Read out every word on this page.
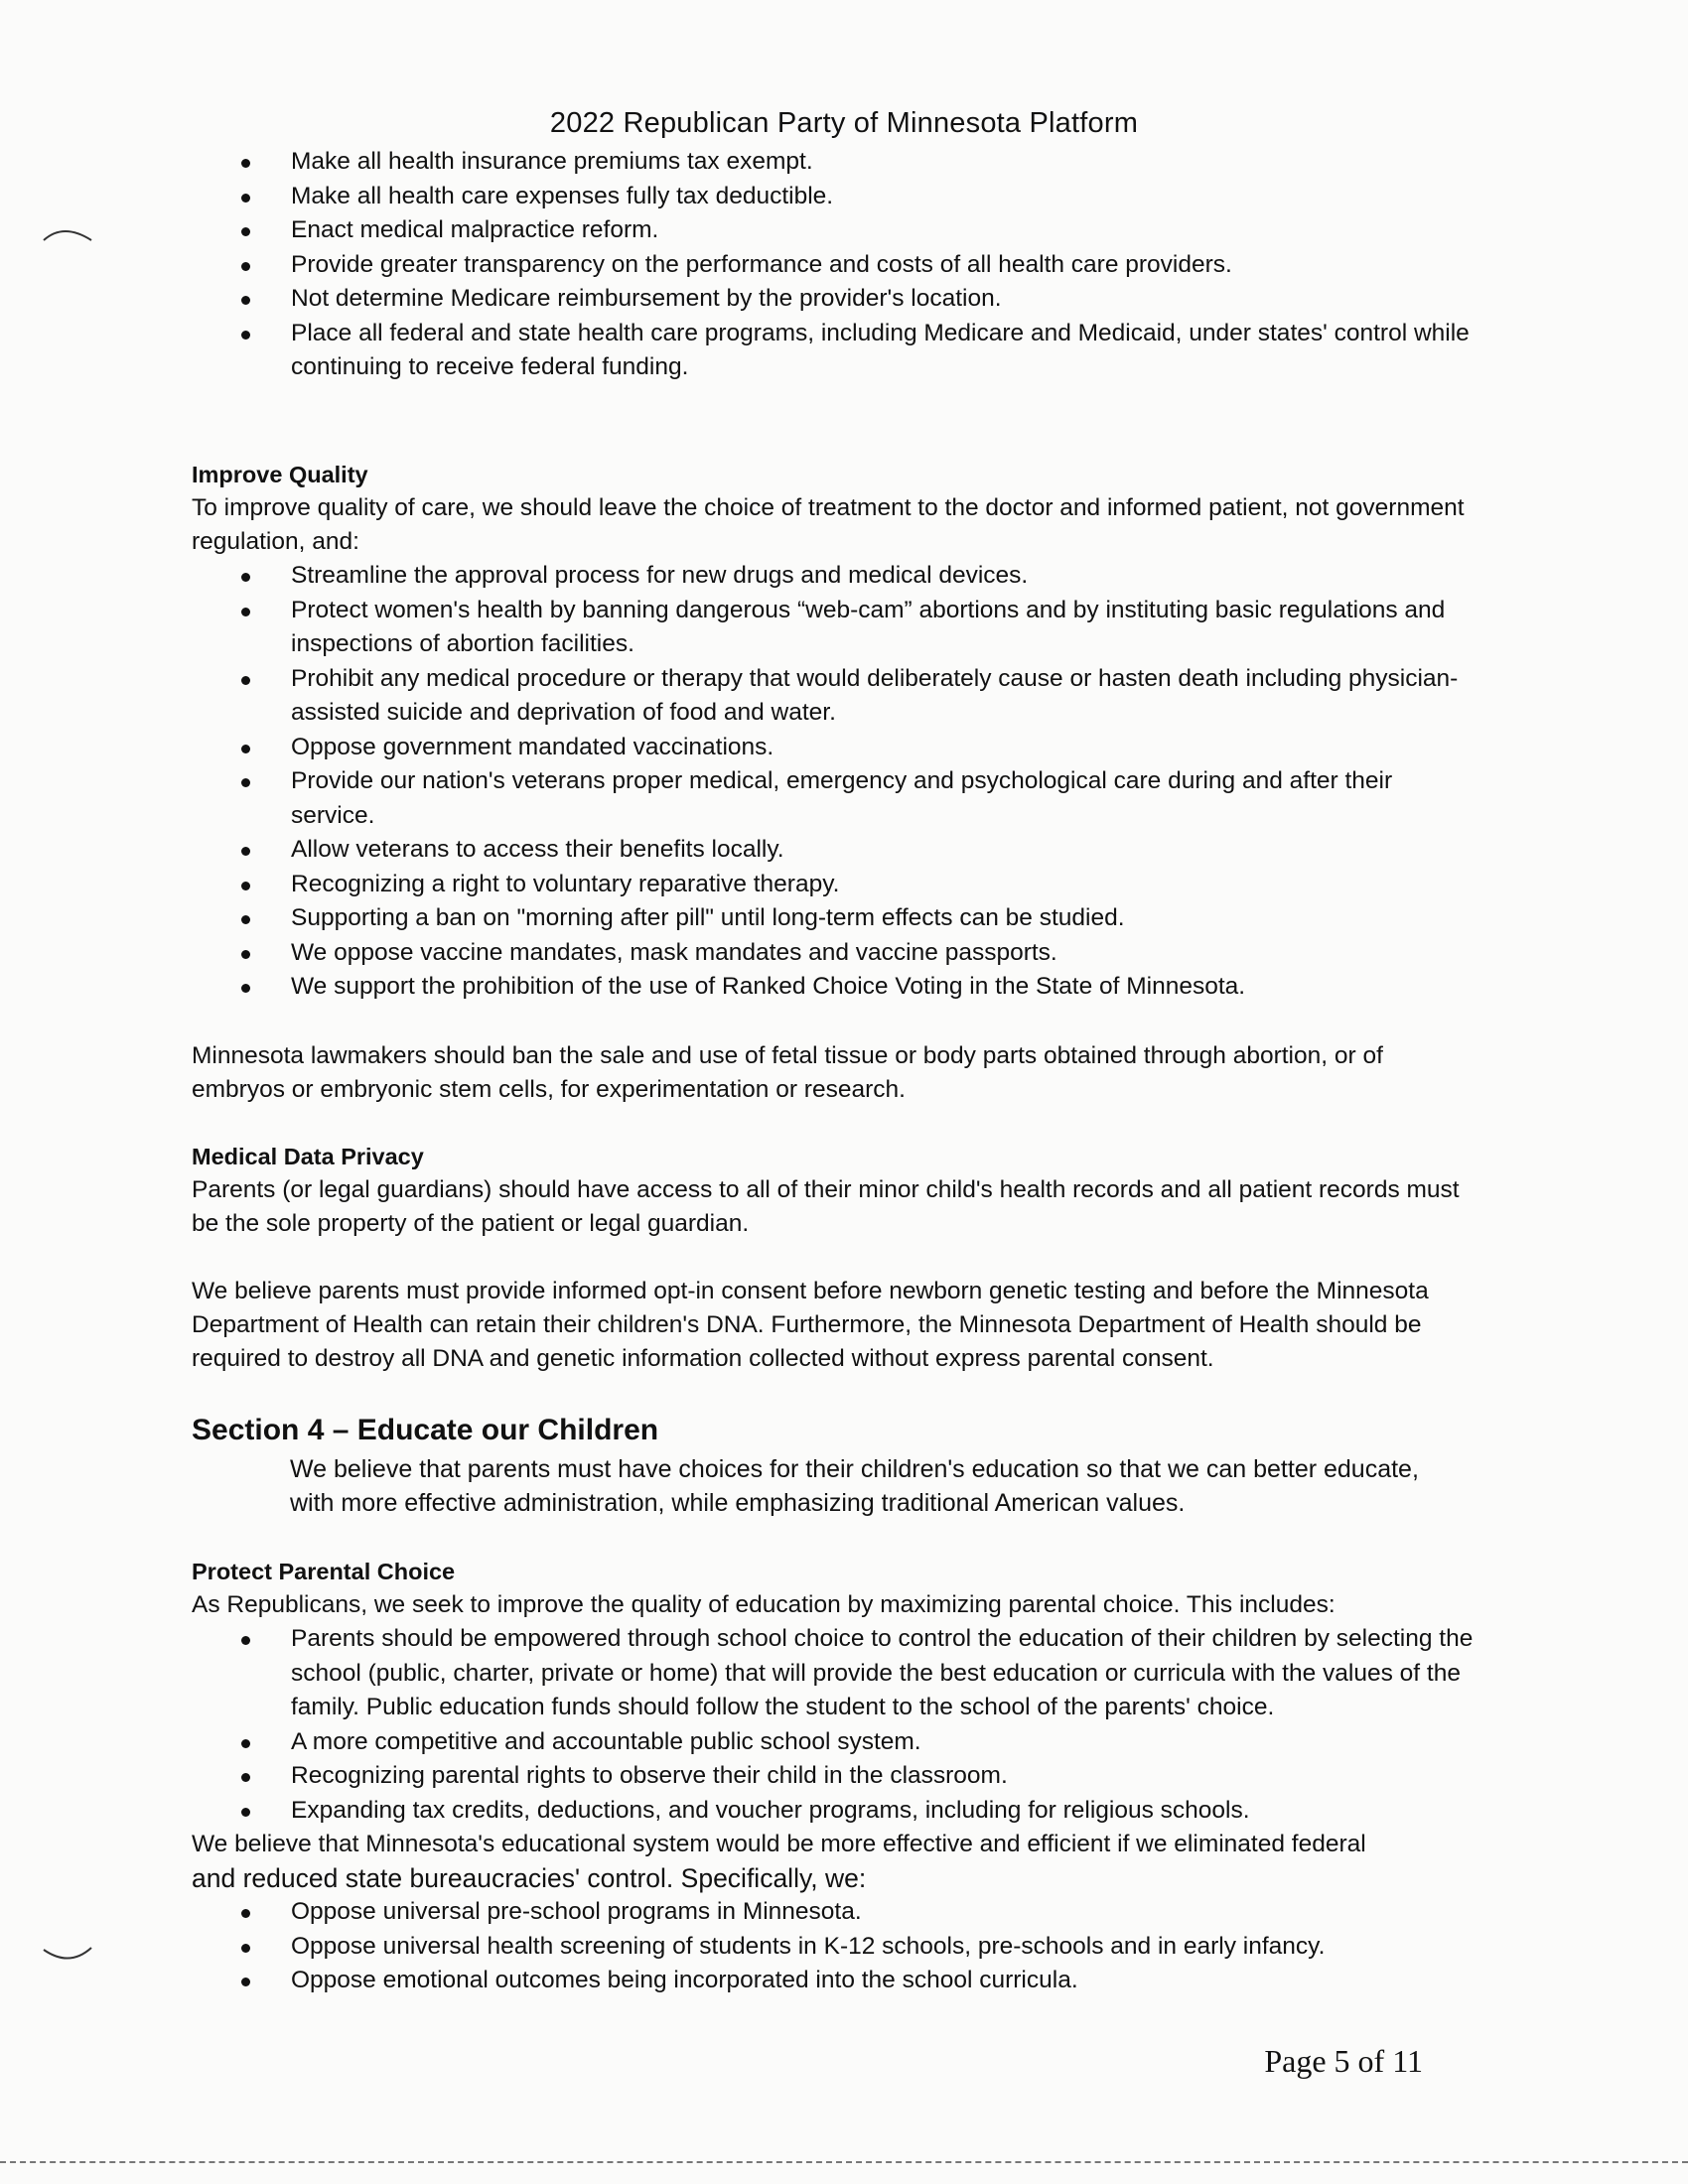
2022 Republican Party of Minnesota Platform
Make all health insurance premiums tax exempt.
Make all health care expenses fully tax deductible.
Enact medical malpractice reform.
Provide greater transparency on the performance and costs of all health care providers.
Not determine Medicare reimbursement by the provider's location.
Place all federal and state health care programs, including Medicare and Medicaid, under states' control while continuing to receive federal funding.
Improve Quality

To improve quality of care, we should leave the choice of treatment to the doctor and informed patient, not government regulation, and:

Streamline the approval process for new drugs and medical devices.
Protect women's health by banning dangerous “web-cam” abortions and by instituting basic regulations and inspections of abortion facilities.
Prohibit any medical procedure or therapy that would deliberately cause or hasten death including physician-assisted suicide and deprivation of food and water.
Oppose government mandated vaccinations.
Provide our nation's veterans proper medical, emergency and psychological care during and after their service.
Allow veterans to access their benefits locally.
Recognizing a right to voluntary reparative therapy.
Supporting a ban on "morning after pill" until long-term effects can be studied.
We oppose vaccine mandates, mask mandates and vaccine passports.
We support the prohibition of the use of Ranked Choice Voting in the State of Minnesota.

Minnesota lawmakers should ban the sale and use of fetal tissue or body parts obtained through abortion, or of embryos or embryonic stem cells, for experimentation or research.

Medical Data Privacy

Parents (or legal guardians) should have access to all of their minor child's health records and all patient records must be the sole property of the patient or legal guardian.

We believe parents must provide informed opt-in consent before newborn genetic testing and before the Minnesota Department of Health can retain their children's DNA. Furthermore, the Minnesota Department of Health should be required to destroy all DNA and genetic information collected without express parental consent.

Section 4 – Educate our Children
We believe that parents must have choices for their children's education so that we can better educate, with more effective administration, while emphasizing traditional American values.
Protect Parental Choice

As Republicans, we seek to improve the quality of education by maximizing parental choice. This includes:

Parents should be empowered through school choice to control the education of their children by selecting the school (public, charter, private or home) that will provide the best education or curricula with the values of the family. Public education funds should follow the student to the school of the parents' choice.
A more competitive and accountable public school system.
Recognizing parental rights to observe their child in the classroom.
Expanding tax credits, deductions, and voucher programs, including for religious schools.

We believe that Minnesota's educational system would be more effective and efficient if we eliminated federal

and reduced state bureaucracies' control. Specifically, we:

Oppose universal pre-school programs in Minnesota.
Oppose universal health screening of students in K-12 schools, pre-schools and in early infancy.
Oppose emotional outcomes being incorporated into the school curricula.
Page 5 of 11
